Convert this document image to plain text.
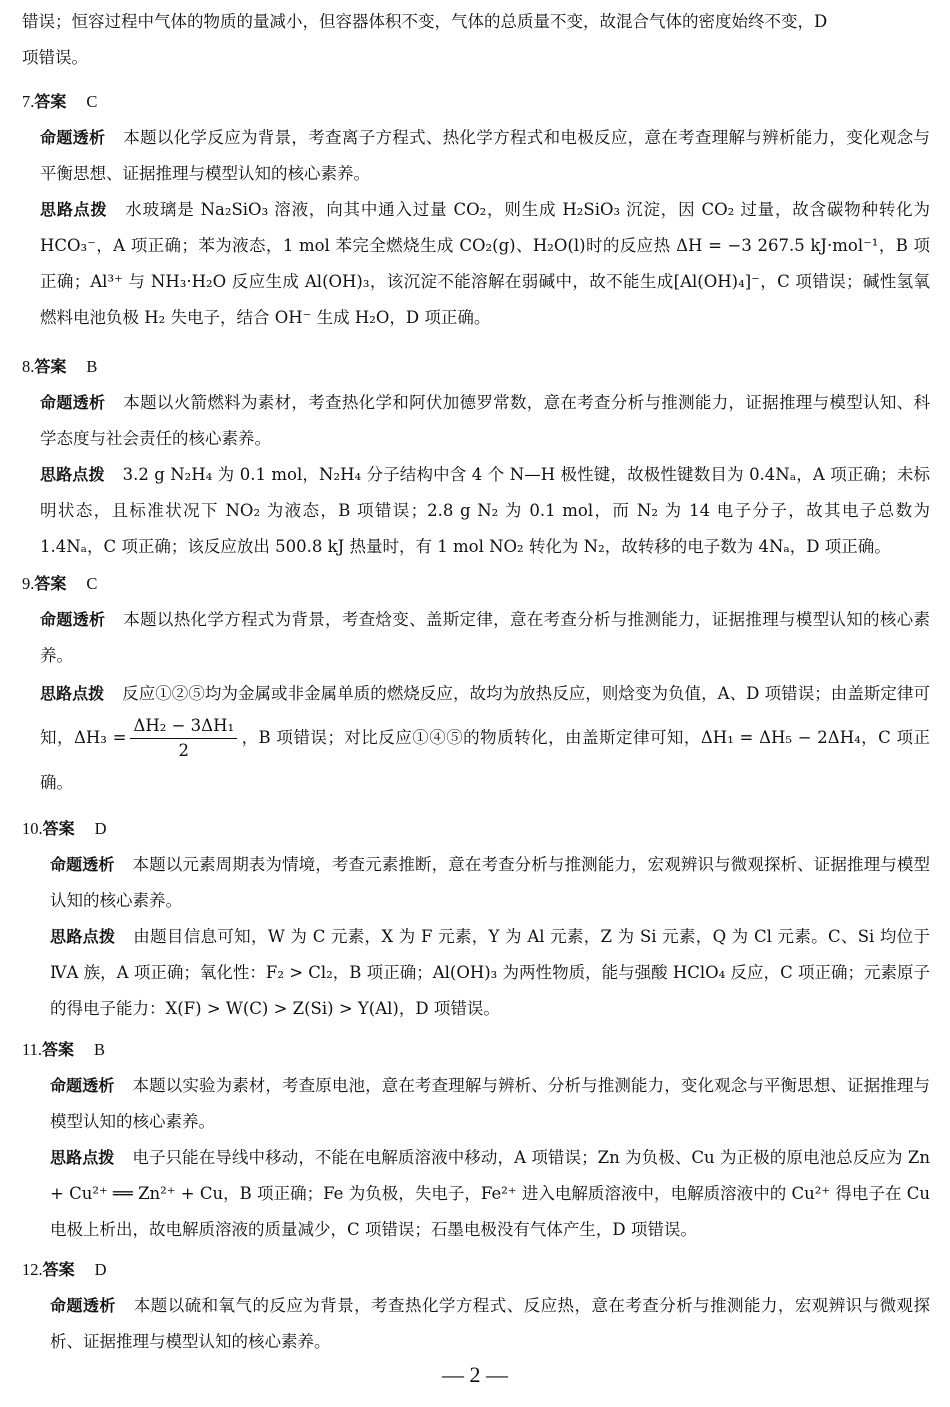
错误；恒容过程中气体的物质的量减小，但容器体积不变，气体的总质量不变，故混合气体的密度始终不变，D

项错误。

7.答案 C

命题透析 本题以化学反应为背景，考查离子方程式、热化学方程式和电极反应，意在考查理解与辨析能力，变化观念与平衡思想、证据推理与模型认知的核心素养。

思路点拨 水玻璃是 Na₂SiO₃ 溶液，向其中通入过量 CO₂，则生成 H₂SiO₃ 沉淀，因 CO₂ 过量，故含碳物种转化为 HCO₃⁻，A 项正确；苯为液态，1 mol 苯完全燃烧生成 CO₂(g)、H₂O(l)时的反应热 ΔH = −3 267.5 kJ·mol⁻¹，B 项正确；Al³⁺ 与 NH₃·H₂O 反应生成 Al(OH)₃，该沉淀不能溶解在弱碱中，故不能生成[Al(OH)₄]⁻，C 项错误；碱性氢氧燃料电池负极 H₂ 失电子，结合 OH⁻ 生成 H₂O，D 项正确。

8.答案 B

命题透析 本题以火箭燃料为素材，考查热化学和阿伏加德罗常数，意在考查分析与推测能力，证据推理与模型认知、科学态度与社会责任的核心素养。

思路点拨 3.2 g N₂H₄ 为 0.1 mol，N₂H₄ 分子结构中含 4 个 N—H 极性键，故极性键数目为 0.4Nₐ，A 项正确；未标明状态，且标准状况下 NO₂ 为液态，B 项错误；2.8 g N₂ 为 0.1 mol，而 N₂ 为 14 电子分子，故其电子总数为 1.4Nₐ，C 项正确；该反应放出 500.8 kJ 热量时，有 1 mol NO₂ 转化为 N₂，故转移的电子数为 4Nₐ，D 项正确。

9.答案 C

命题透析 本题以热化学方程式为背景，考查焓变、盖斯定律，意在考查分析与推测能力，证据推理与模型认知的核心素养。

思路点拨 反应①②⑤均为金属或非金属单质的燃烧反应，故均为放热反应，则焓变为负值，A、D 项错误；由盖斯定律可知，$\Delta H_3 = \frac{\text{ΔH₂ − 3ΔH₁}}{2}$ ，B 项错误；对比反应①④⑤的物质转化，由盖斯定律可知，ΔH₁ = ΔH₅ − 2ΔH₄，C 项正确。

10.答案 D

命题透析 本题以元素周期表为情境，考查元素推断，意在考查分析与推测能力，宏观辨识与微观探析、证据推理与模型认知的核心素养。

思路点拨 由题目信息可知，W 为 C 元素，X 为 F 元素，Y 为 Al 元素，Z 为 Si 元素，Q 为 Cl 元素。C、Si 均位于 ⅣA 族，A 项正确；氧化性：F₂ > Cl₂，B 项正确；Al(OH)₃ 为两性物质，能与强酸 HClO₄ 反应，C 项正确；元素原子的得电子能力：X(F) > W(C) > Z(Si) > Y(Al)，D 项错误。

11.答案 B

命题透析 本题以实验为素材，考查原电池，意在考查理解与辨析、分析与推测能力，变化观念与平衡思想、证据推理与模型认知的核心素养。

思路点拨 电子只能在导线中移动，不能在电解质溶液中移动，A 项错误；Zn 为负极、Cu 为正极的原电池总反应为 Zn + Cu²⁺ ══ Zn²⁺ + Cu，B 项正确；Fe 为负极，失电子，Fe²⁺ 进入电解质溶液中，电解质溶液中的 Cu²⁺ 得电子在 Cu 电极上析出，故电解质溶液的质量减少，C 项错误；石墨电极没有气体产生，D 项错误。

12.答案 D

命题透析 本题以硫和氧气的反应为背景，考查热化学方程式、反应热，意在考查分析与推测能力，宏观辨识与微观探析、证据推理与模型认知的核心素养。

— 2 —
